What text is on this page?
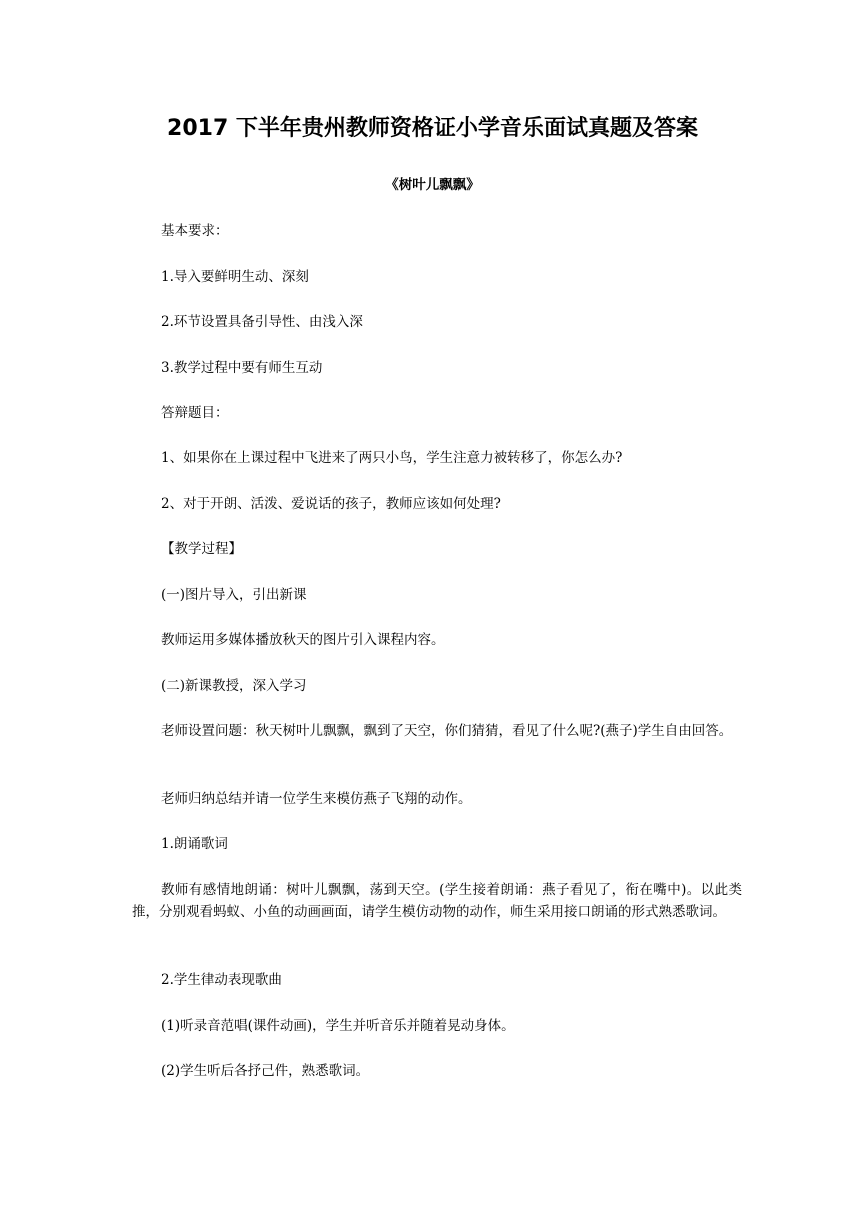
2017 下半年贵州教师资格证小学音乐面试真题及答案
《树叶儿飘飘》
基本要求：
1.导入要鲜明生动、深刻
2.环节设置具备引导性、由浅入深
3.教学过程中要有师生互动
答辩题目：
1、如果你在上课过程中飞进来了两只小鸟，学生注意力被转移了，你怎么办?
2、对于开朗、活泼、爱说话的孩子，教师应该如何处理?
【教学过程】
(一)图片导入，引出新课
教师运用多媒体播放秋天的图片引入课程内容。
(二)新课教授，深入学习
老师设置问题：秋天树叶儿飘飘，飘到了天空，你们猜猜，看见了什么呢?(燕子)学生自由回答。
老师归纳总结并请一位学生来模仿燕子飞翔的动作。
1.朗诵歌词
教师有感情地朗诵：树叶儿飘飘，荡到天空。(学生接着朗诵：燕子看见了，衔在嘴中)。以此类推，分别观看蚂蚁、小鱼的动画画面，请学生模仿动物的动作，师生采用接口朗诵的形式熟悉歌词。
2.学生律动表现歌曲
(1)听录音范唱(课件动画)，学生并听音乐并随着晃动身体。
(2)学生听后各抒己件，熟悉歌词。
